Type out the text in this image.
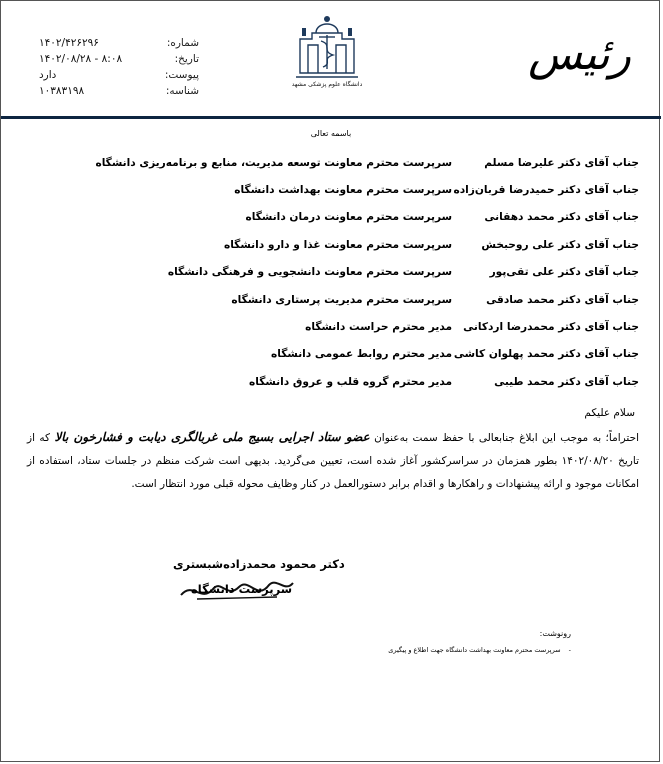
شماره:
۱۴۰۲/۴۲۶۲۹۶
تاریخ:
۱۴۰۲/۰۸/۲۸ - ۸:۰۸
پیوست:
دارد
شناسه:
۱۰۳۸۳۱۹۸
دانشگاه علوم پزشکی مشهد
رئیس
باسمه تعالی
جناب آقای دکتر علیرضا مسلم
سرپرست محترم معاونت توسعه مدیریت، منابع و برنامه‌ریزی دانشگاه
جناب آقای دکتر حمیدرضا قربان‌زاده
سرپرست محترم معاونت بهداشت دانشگاه
جناب آقای دکتر محمد دهقانی
سرپرست محترم معاونت درمان دانشگاه
جناب آقای دکتر علی روحبخش
سرپرست محترم معاونت غذا و دارو دانشگاه
جناب آقای دکتر علی تقی‌پور
سرپرست محترم معاونت دانشجویی و فرهنگی دانشگاه
جناب آقای دکتر محمد صادقی
سرپرست محترم مدیریت پرستاری دانشگاه
جناب آقای دکتر محمدرضا اردکانی
مدیر محترم حراست دانشگاه
جناب آقای دکتر محمد پهلوان کاشی
مدیر محترم روابط عمومی دانشگاه
جناب آقای دکتر محمد طیبی
مدیر محترم گروه قلب و عروق دانشگاه
سلام علیکم
احتراماً؛ به موجب این ابلاغ جنابعالی با حفظ سمت به‌عنوان عضو ستاد اجرایی بسیج ملی غربالگری دیابت و فشارخون بالا که از تاریخ ۱۴۰۲/۰۸/۲۰ بطور همزمان در سراسرکشور آغاز شده است، تعیین می‌گردید. بدیهی است شرکت منظم در جلسات ستاد، استفاده از امکانات موجود و ارائه پیشنهادات و راهکارها و اقدام برابر دستورالعمل در کنار وظایف محوله قبلی مورد انتظار است.
دکتر محمود محمدزاده‌شبستری
سرپرست دانشگاه
رونوشت:
-
سرپرست محترم معاونت بهداشت دانشگاه جهت اطلاع و پیگیری
